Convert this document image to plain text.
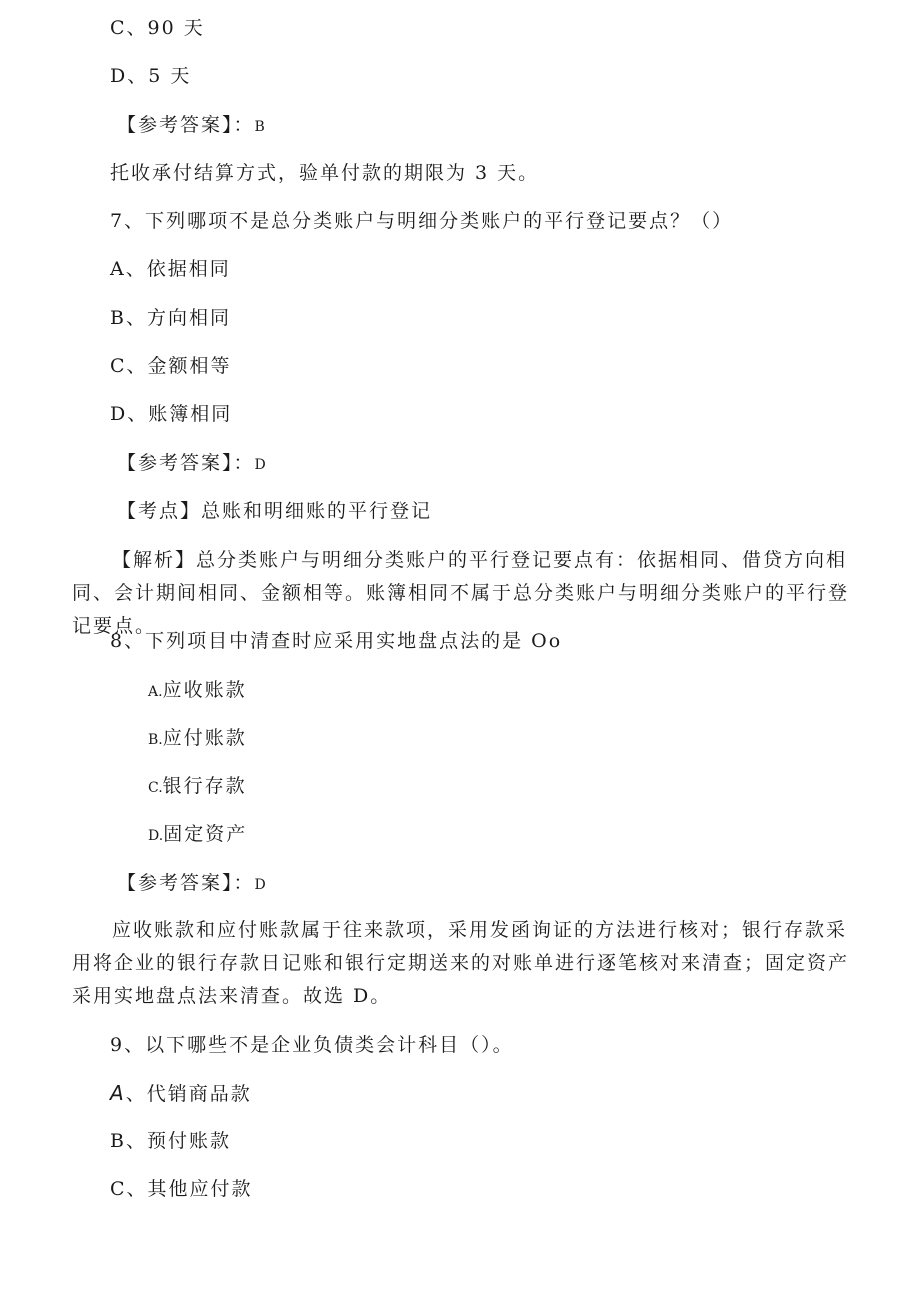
C、90 天
D、5 天
【参考答案】：B
托收承付结算方式，验单付款的期限为 3 天。
7、下列哪项不是总分类账户与明细分类账户的平行登记要点？（）
A、依据相同
B、方向相同
C、金额相等
D、账簿相同
【参考答案】：D
【考点】总账和明细账的平行登记
【解析】总分类账户与明细分类账户的平行登记要点有：依据相同、借贷方向相同、会计期间相同、金额相等。账簿相同不属于总分类账户与明细分类账户的平行登记要点。
8、下列项目中清查时应采用实地盘点法的是 Oo
A.应收账款
B.应付账款
C.银行存款
D.固定资产
【参考答案】：D
应收账款和应付账款属于往来款项，采用发函询证的方法进行核对；银行存款采用将企业的银行存款日记账和银行定期送来的对账单进行逐笔核对来清查；固定资产采用实地盘点法来清查。故选 D。
9、以下哪些不是企业负债类会计科目（）。
A、代销商品款
B、预付账款
C、其他应付款
